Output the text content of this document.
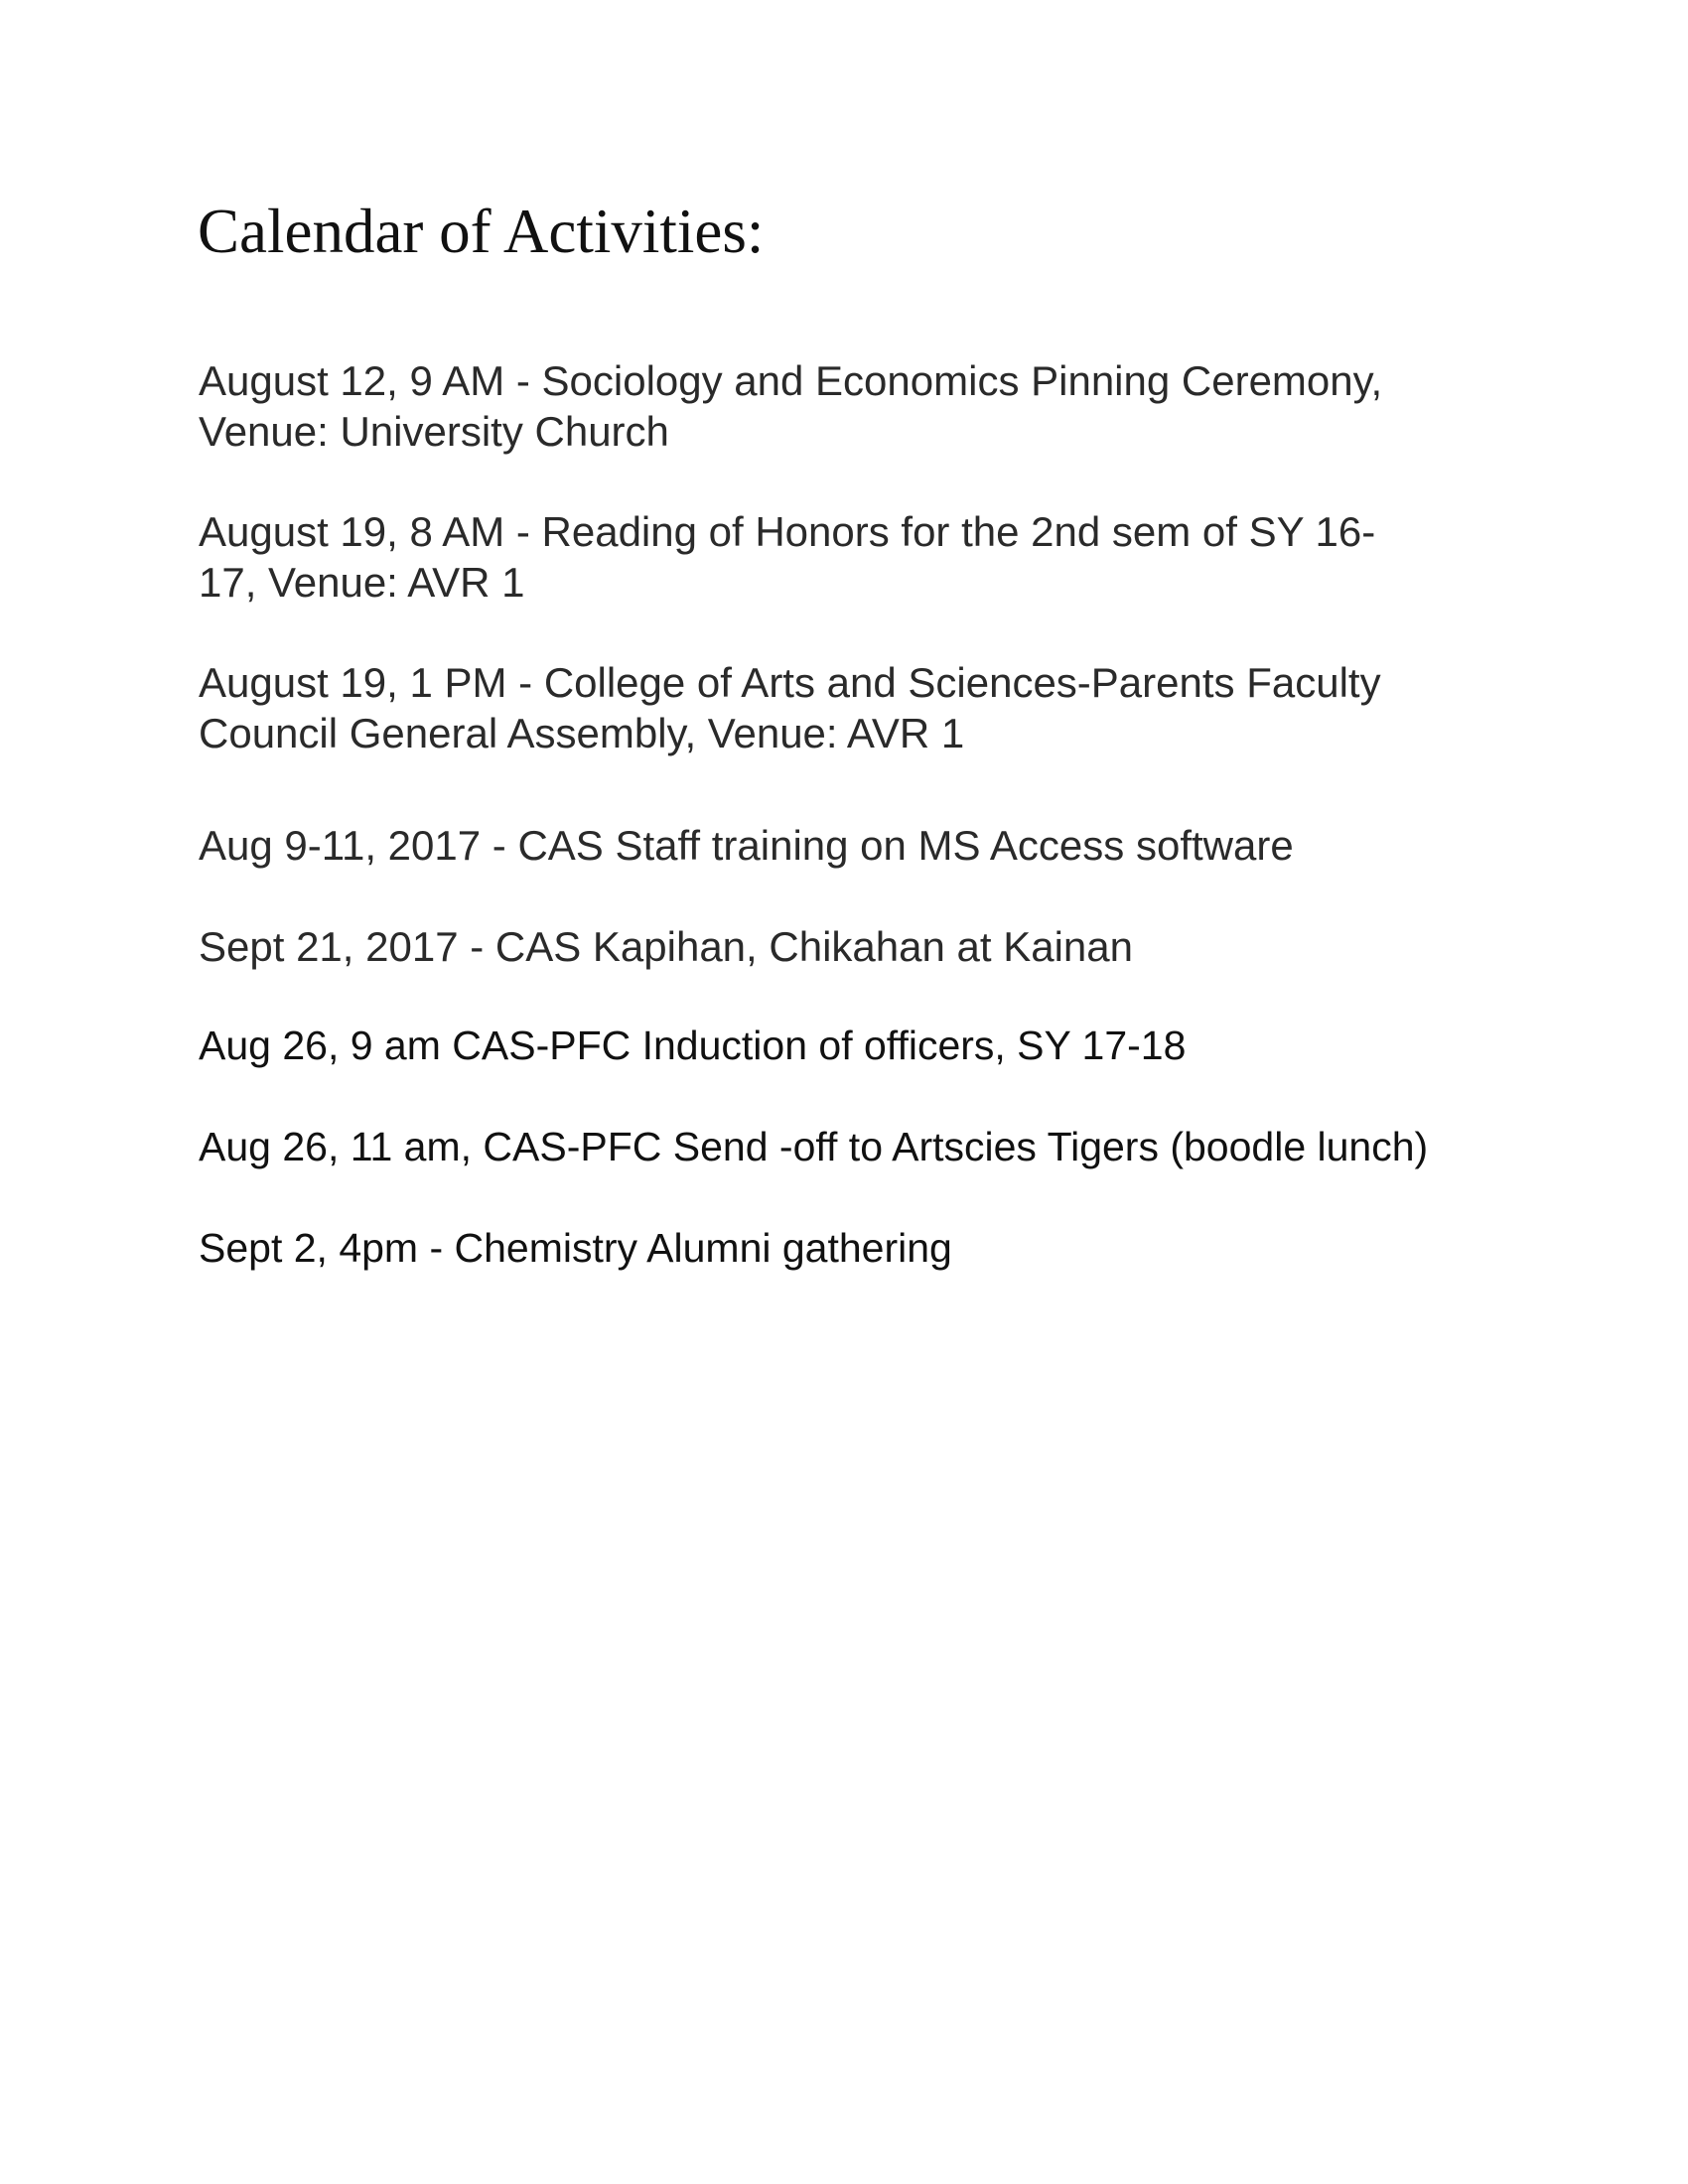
Calendar of Activities:

August 12, 9 AM - Sociology and Economics Pinning Ceremony,
Venue: University Church

August 19, 8 AM - Reading of Honors for the 2nd sem of SY 16-
17, Venue: AVR 1

August 19, 1 PM - College of Arts and Sciences-Parents Faculty
Council General Assembly, Venue: AVR 1

Aug 9-11, 2017 - CAS Staff training on MS Access software

Sept 21, 2017 - CAS Kapihan, Chikahan at Kainan

Aug 26, 9 am CAS-PFC Induction of officers, SY 17-18

Aug 26, 11 am, CAS-PFC Send -off to Artscies Tigers (boodle lunch)

Sept 2, 4pm - Chemistry Alumni gathering
